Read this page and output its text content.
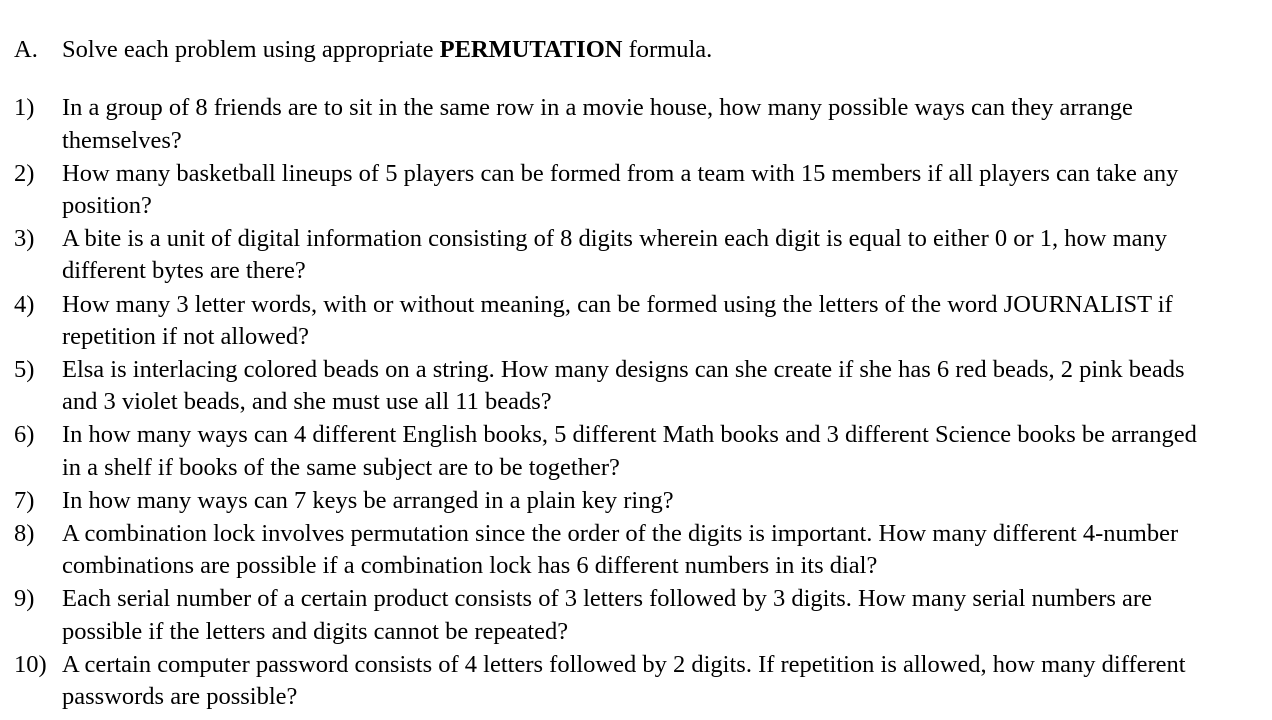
A. Solve each problem using appropriate PERMUTATION formula.
1)	In a group of 8 friends are to sit in the same row in a movie house, how many possible ways can they arrange themselves?
2)	How many basketball lineups of 5 players can be formed from a team with 15 members if all players can take any position?
3)	A bite is a unit of digital information consisting of 8 digits wherein each digit is equal to either 0 or 1, how many different bytes are there?
4)	How many 3 letter words, with or without meaning, can be formed using the letters of the word JOURNALIST if repetition if not allowed?
5)	Elsa is interlacing colored beads on a string. How many designs can she create if she has 6 red beads, 2 pink beads and 3 violet beads, and she must use all 11 beads?
6)	In how many ways can 4 different English books, 5 different Math books and 3 different Science books be arranged in a shelf if books of the same subject are to be together?
7)	In how many ways can 7 keys be arranged in a plain key ring?
8)	A combination lock involves permutation since the order of the digits is important. How many different 4-number combinations are possible if a combination lock has 6 different numbers in its dial?
9)	Each serial number of a certain product consists of 3 letters followed by 3 digits. How many serial numbers are possible if the letters and digits cannot be repeated?
10) A certain computer password consists of 4 letters followed by 2 digits. If repetition is allowed, how many different passwords are possible?
